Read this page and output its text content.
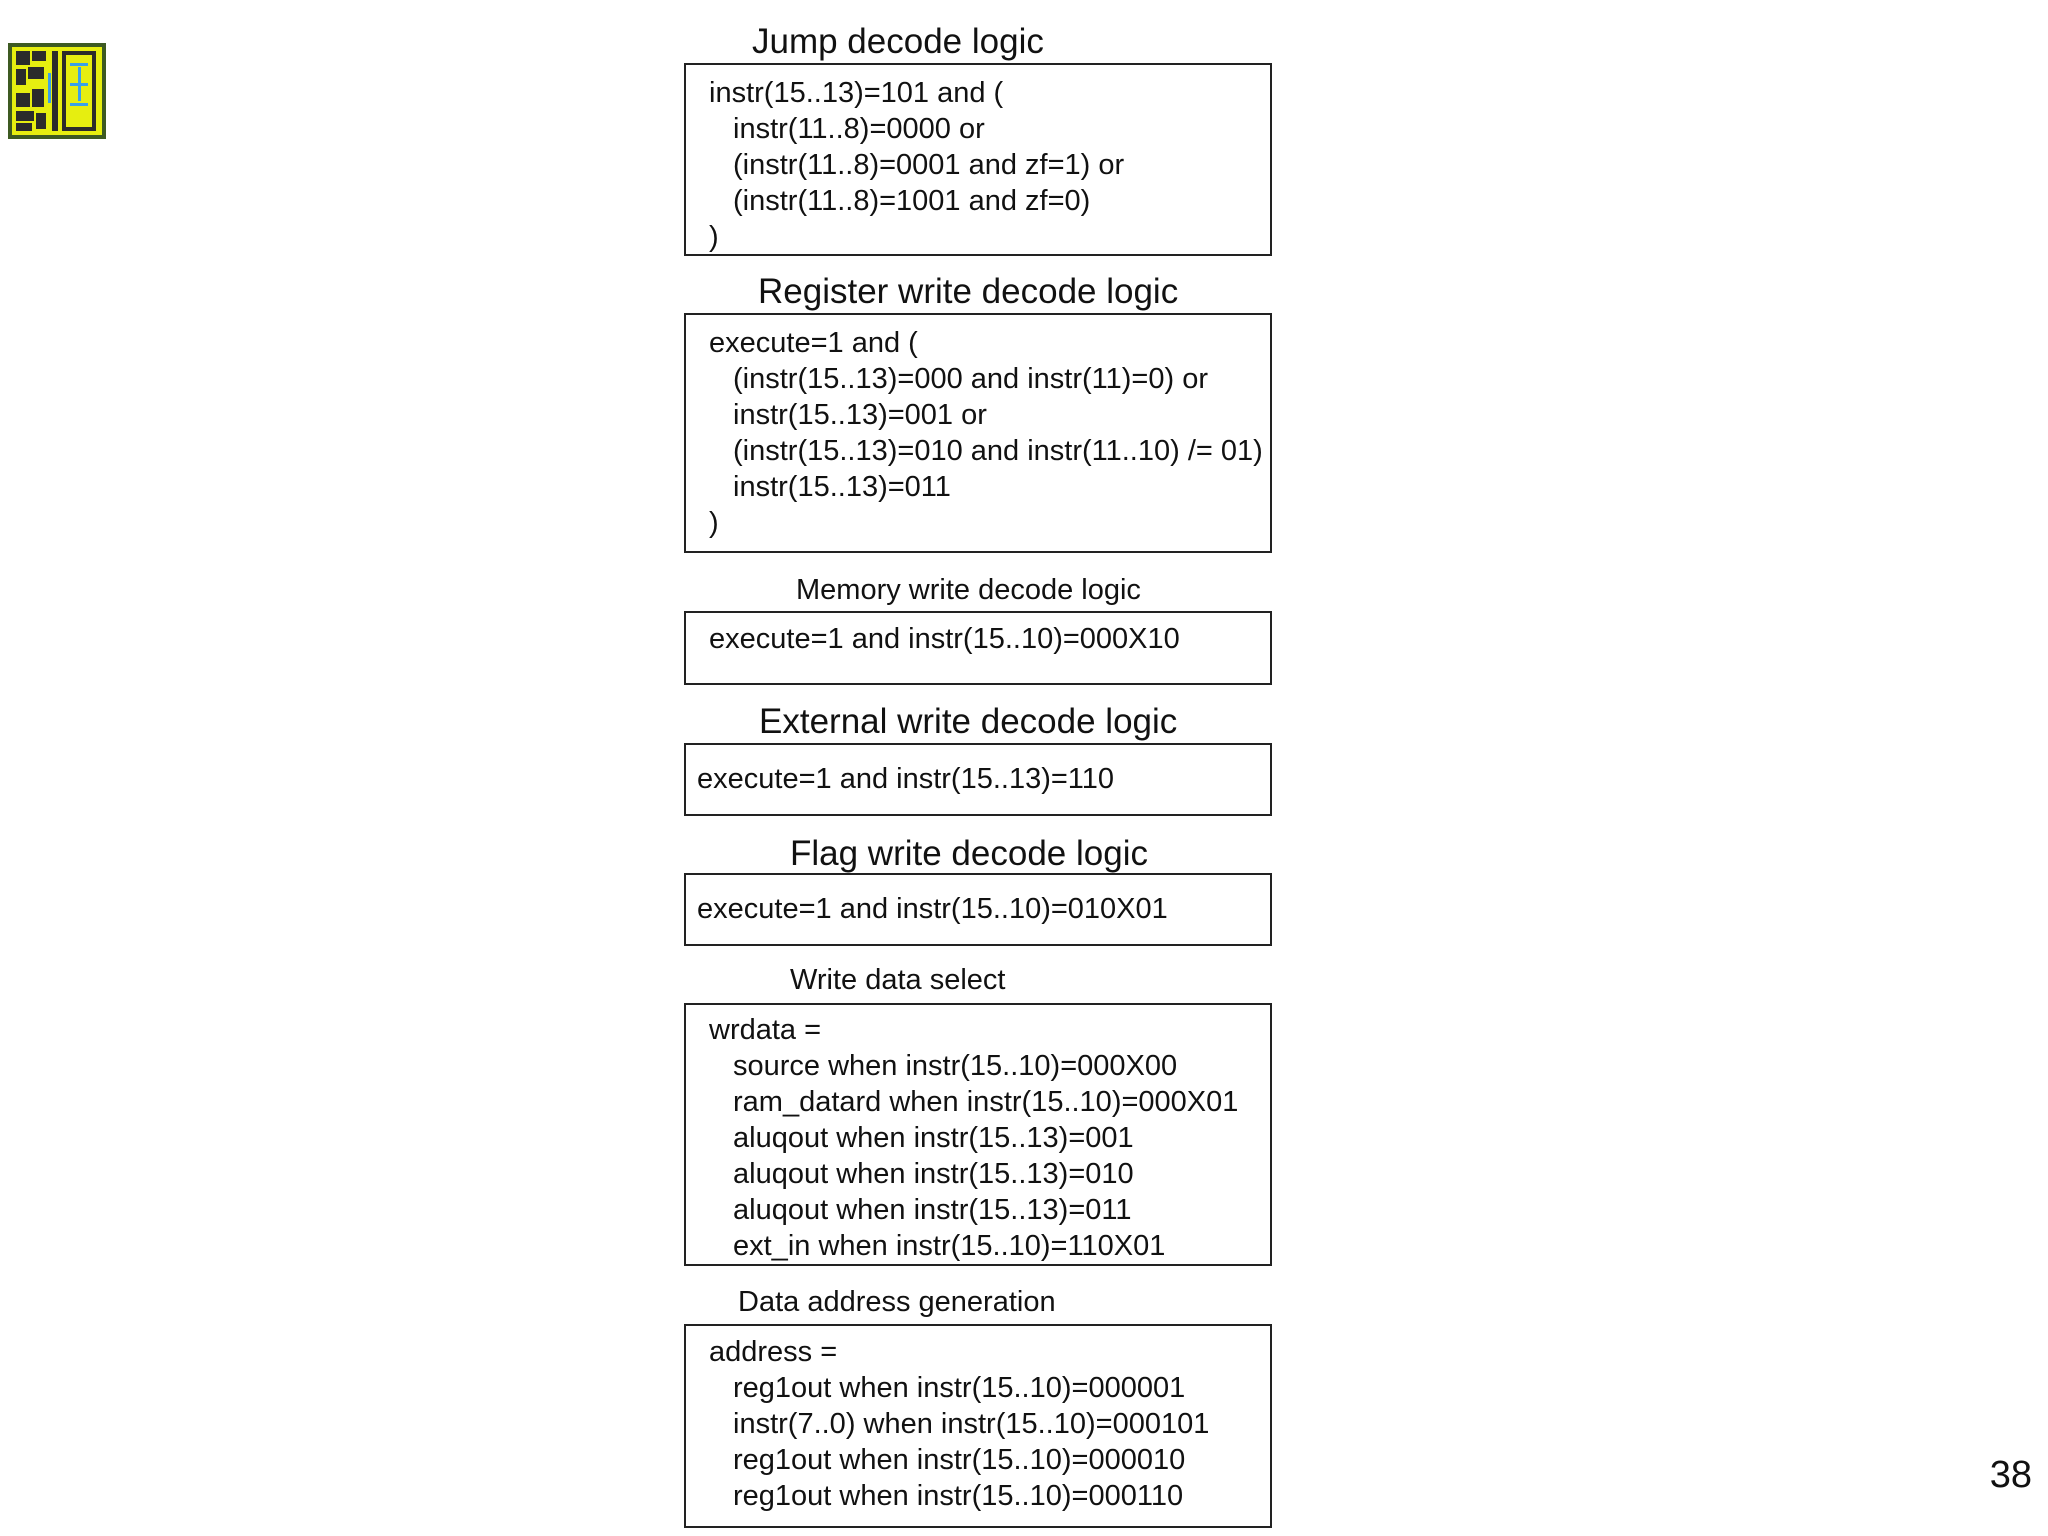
Jump decode logic
instr(15..13)=101 and (
instr(11..8)=0000 or
(instr(11..8)=0001 and zf=1) or
(instr(11..8)=1001 and zf=0)
)
Register write decode logic
execute=1 and (
(instr(15..13)=000 and instr(11)=0) or
instr(15..13)=001 or
(instr(15..13)=010 and instr(11..10) /= 01)
instr(15..13)=011
)
Memory write decode logic
execute=1 and instr(15..10)=000X10
External write decode logic
execute=1 and instr(15..13)=110
Flag write decode logic
execute=1 and instr(15..10)=010X01
Write data select
wrdata =
source when instr(15..10)=000X00
ram_datard when instr(15..10)=000X01
aluqout when instr(15..13)=001
aluqout when instr(15..13)=010
aluqout when instr(15..13)=011
ext_in when instr(15..10)=110X01
Data address generation
address =
reg1out when instr(15..10)=000001
instr(7..0) when instr(15..10)=000101
reg1out when instr(15..10)=000010
reg1out when instr(15..10)=000110	38
